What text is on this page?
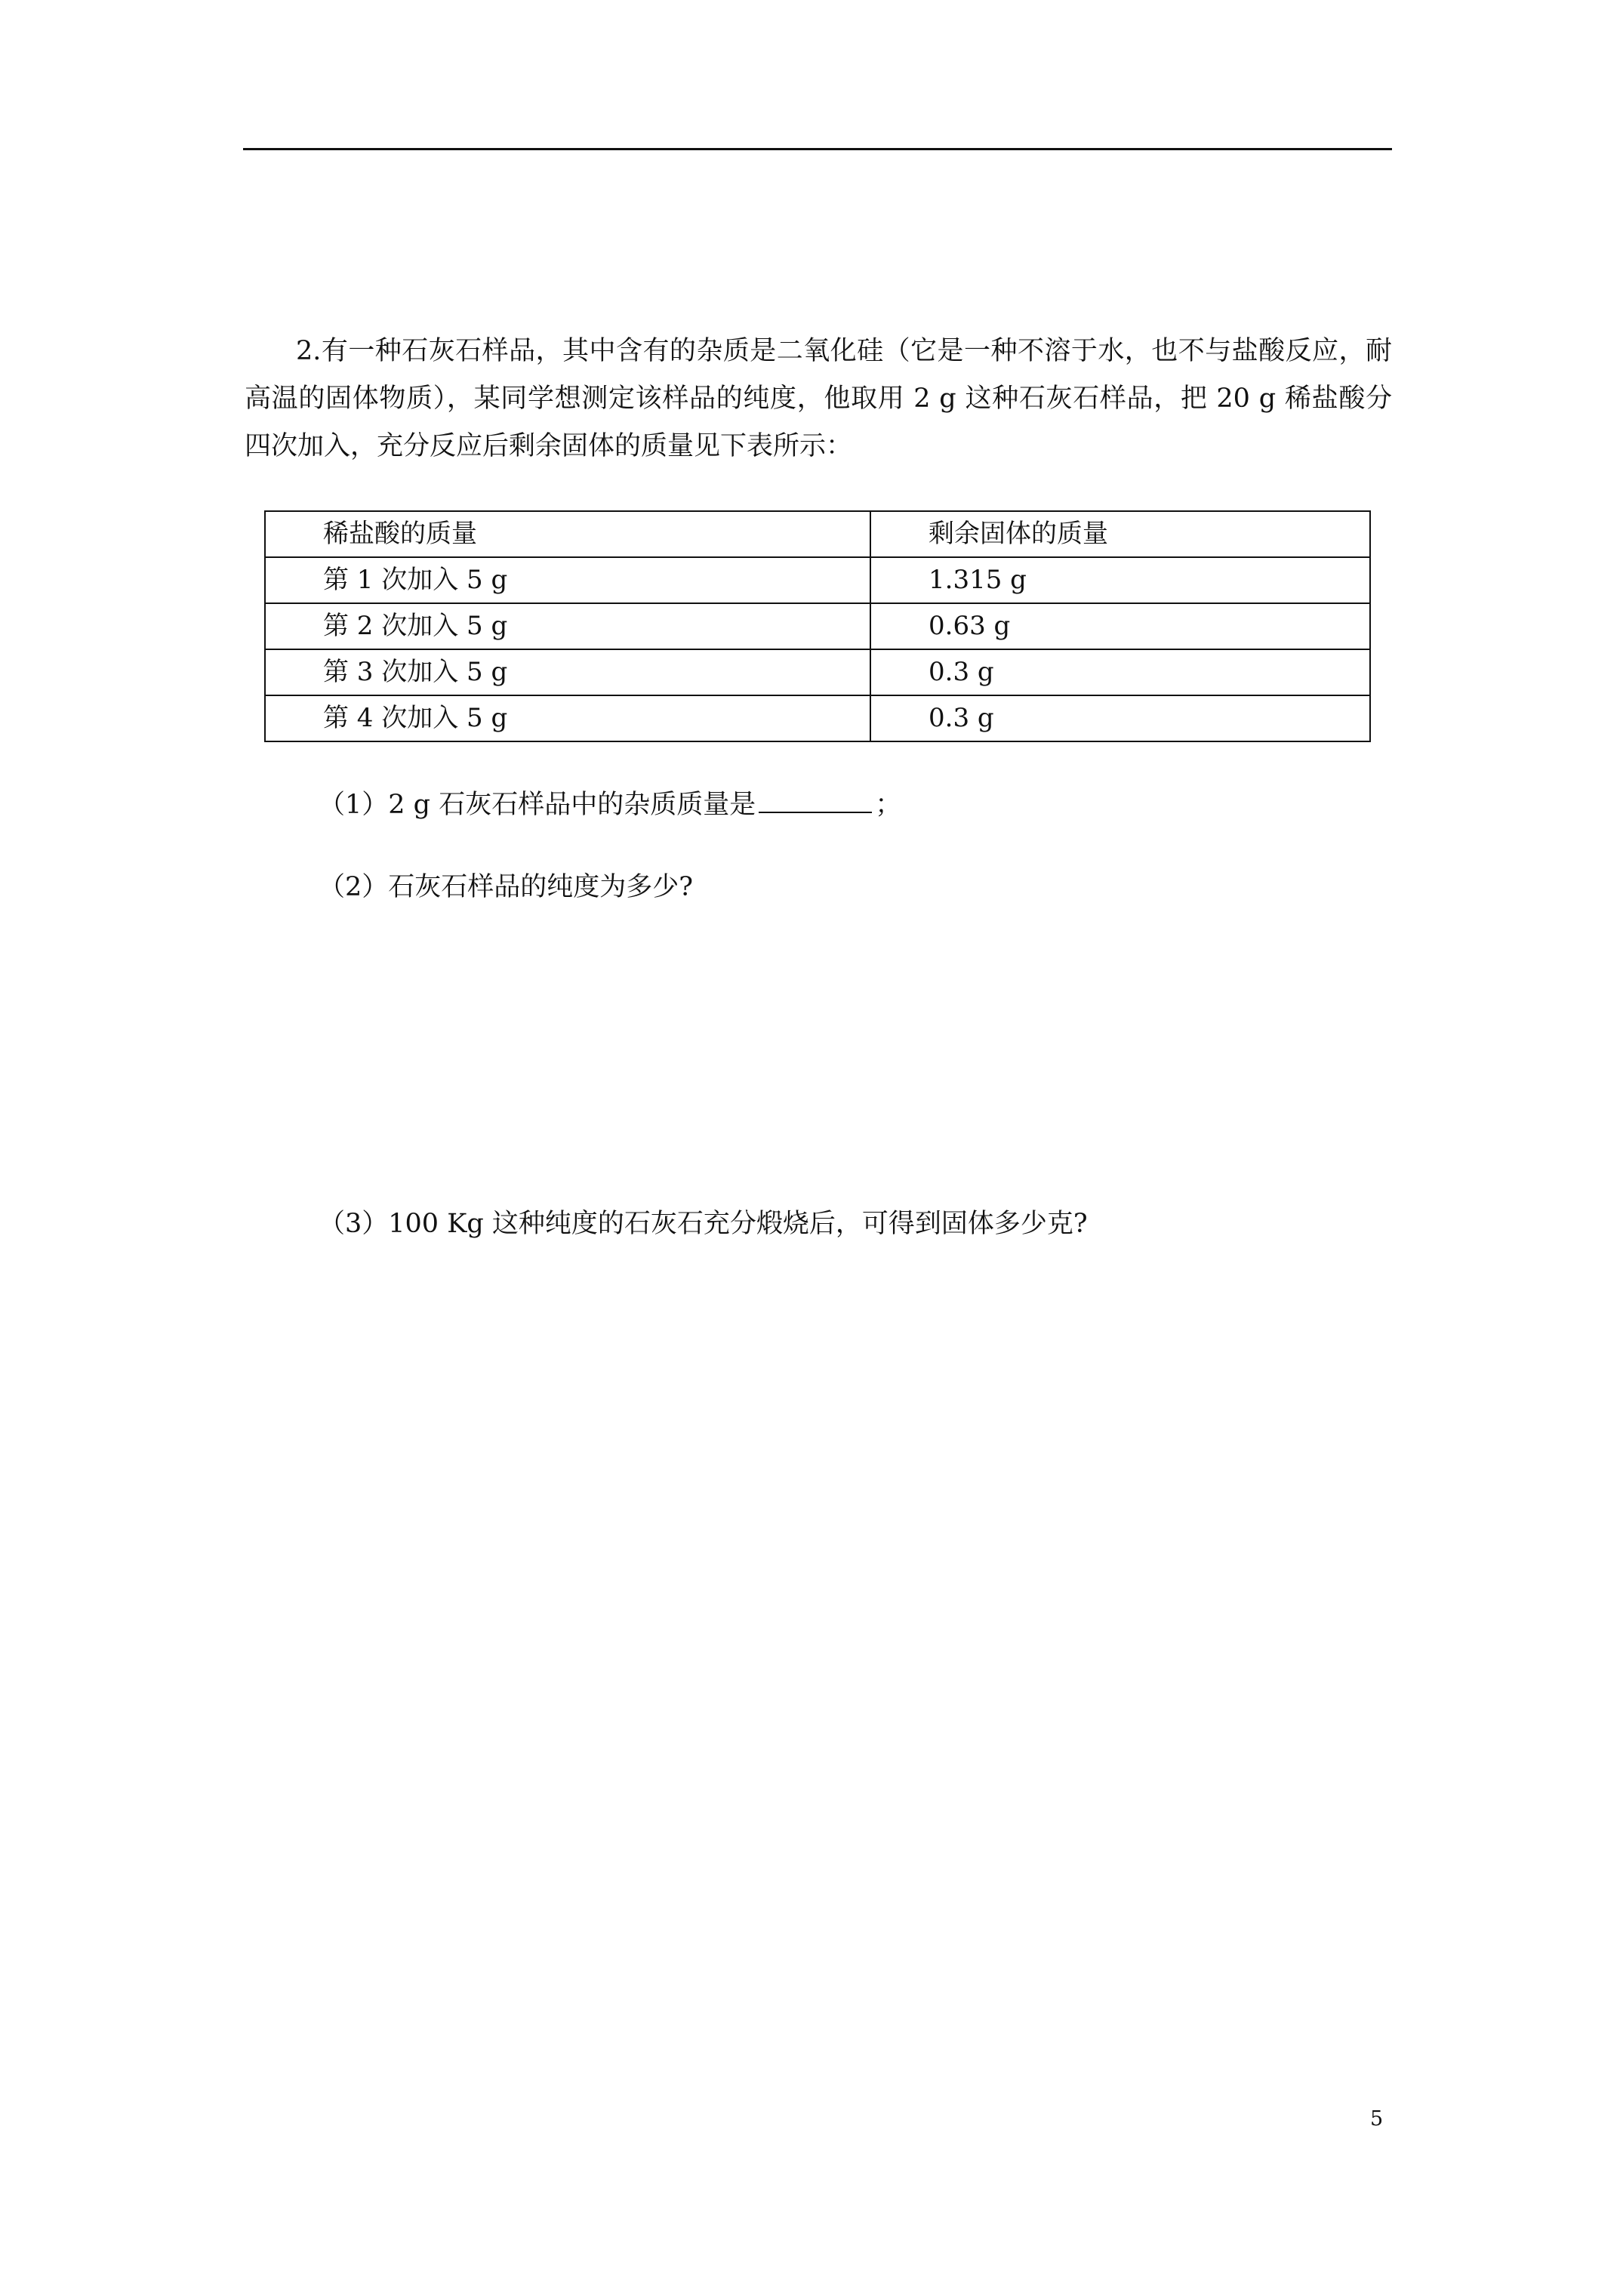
2.有一种石灰石样品，其中含有的杂质是二氧化硅（它是一种不溶于水，也不与盐酸反应，耐高温的固体物质），某同学想测定该样品的纯度，他取用 2 g 这种石灰石样品，把 20 g 稀盐酸分四次加入，充分反应后剩余固体的质量见下表所示：

稀盐酸的质量	剩余固体的质量
第 1 次加入 5 g	1.315 g
第 2 次加入 5 g	0.63 g
第 3 次加入 5 g	0.3 g
第 4 次加入 5 g	0.3 g

（1）2 g 石灰石样品中的杂质质量是	；

（2）石灰石样品的纯度为多少?

（3）100 Kg 这种纯度的石灰石充分煅烧后，可得到固体多少克?

5
